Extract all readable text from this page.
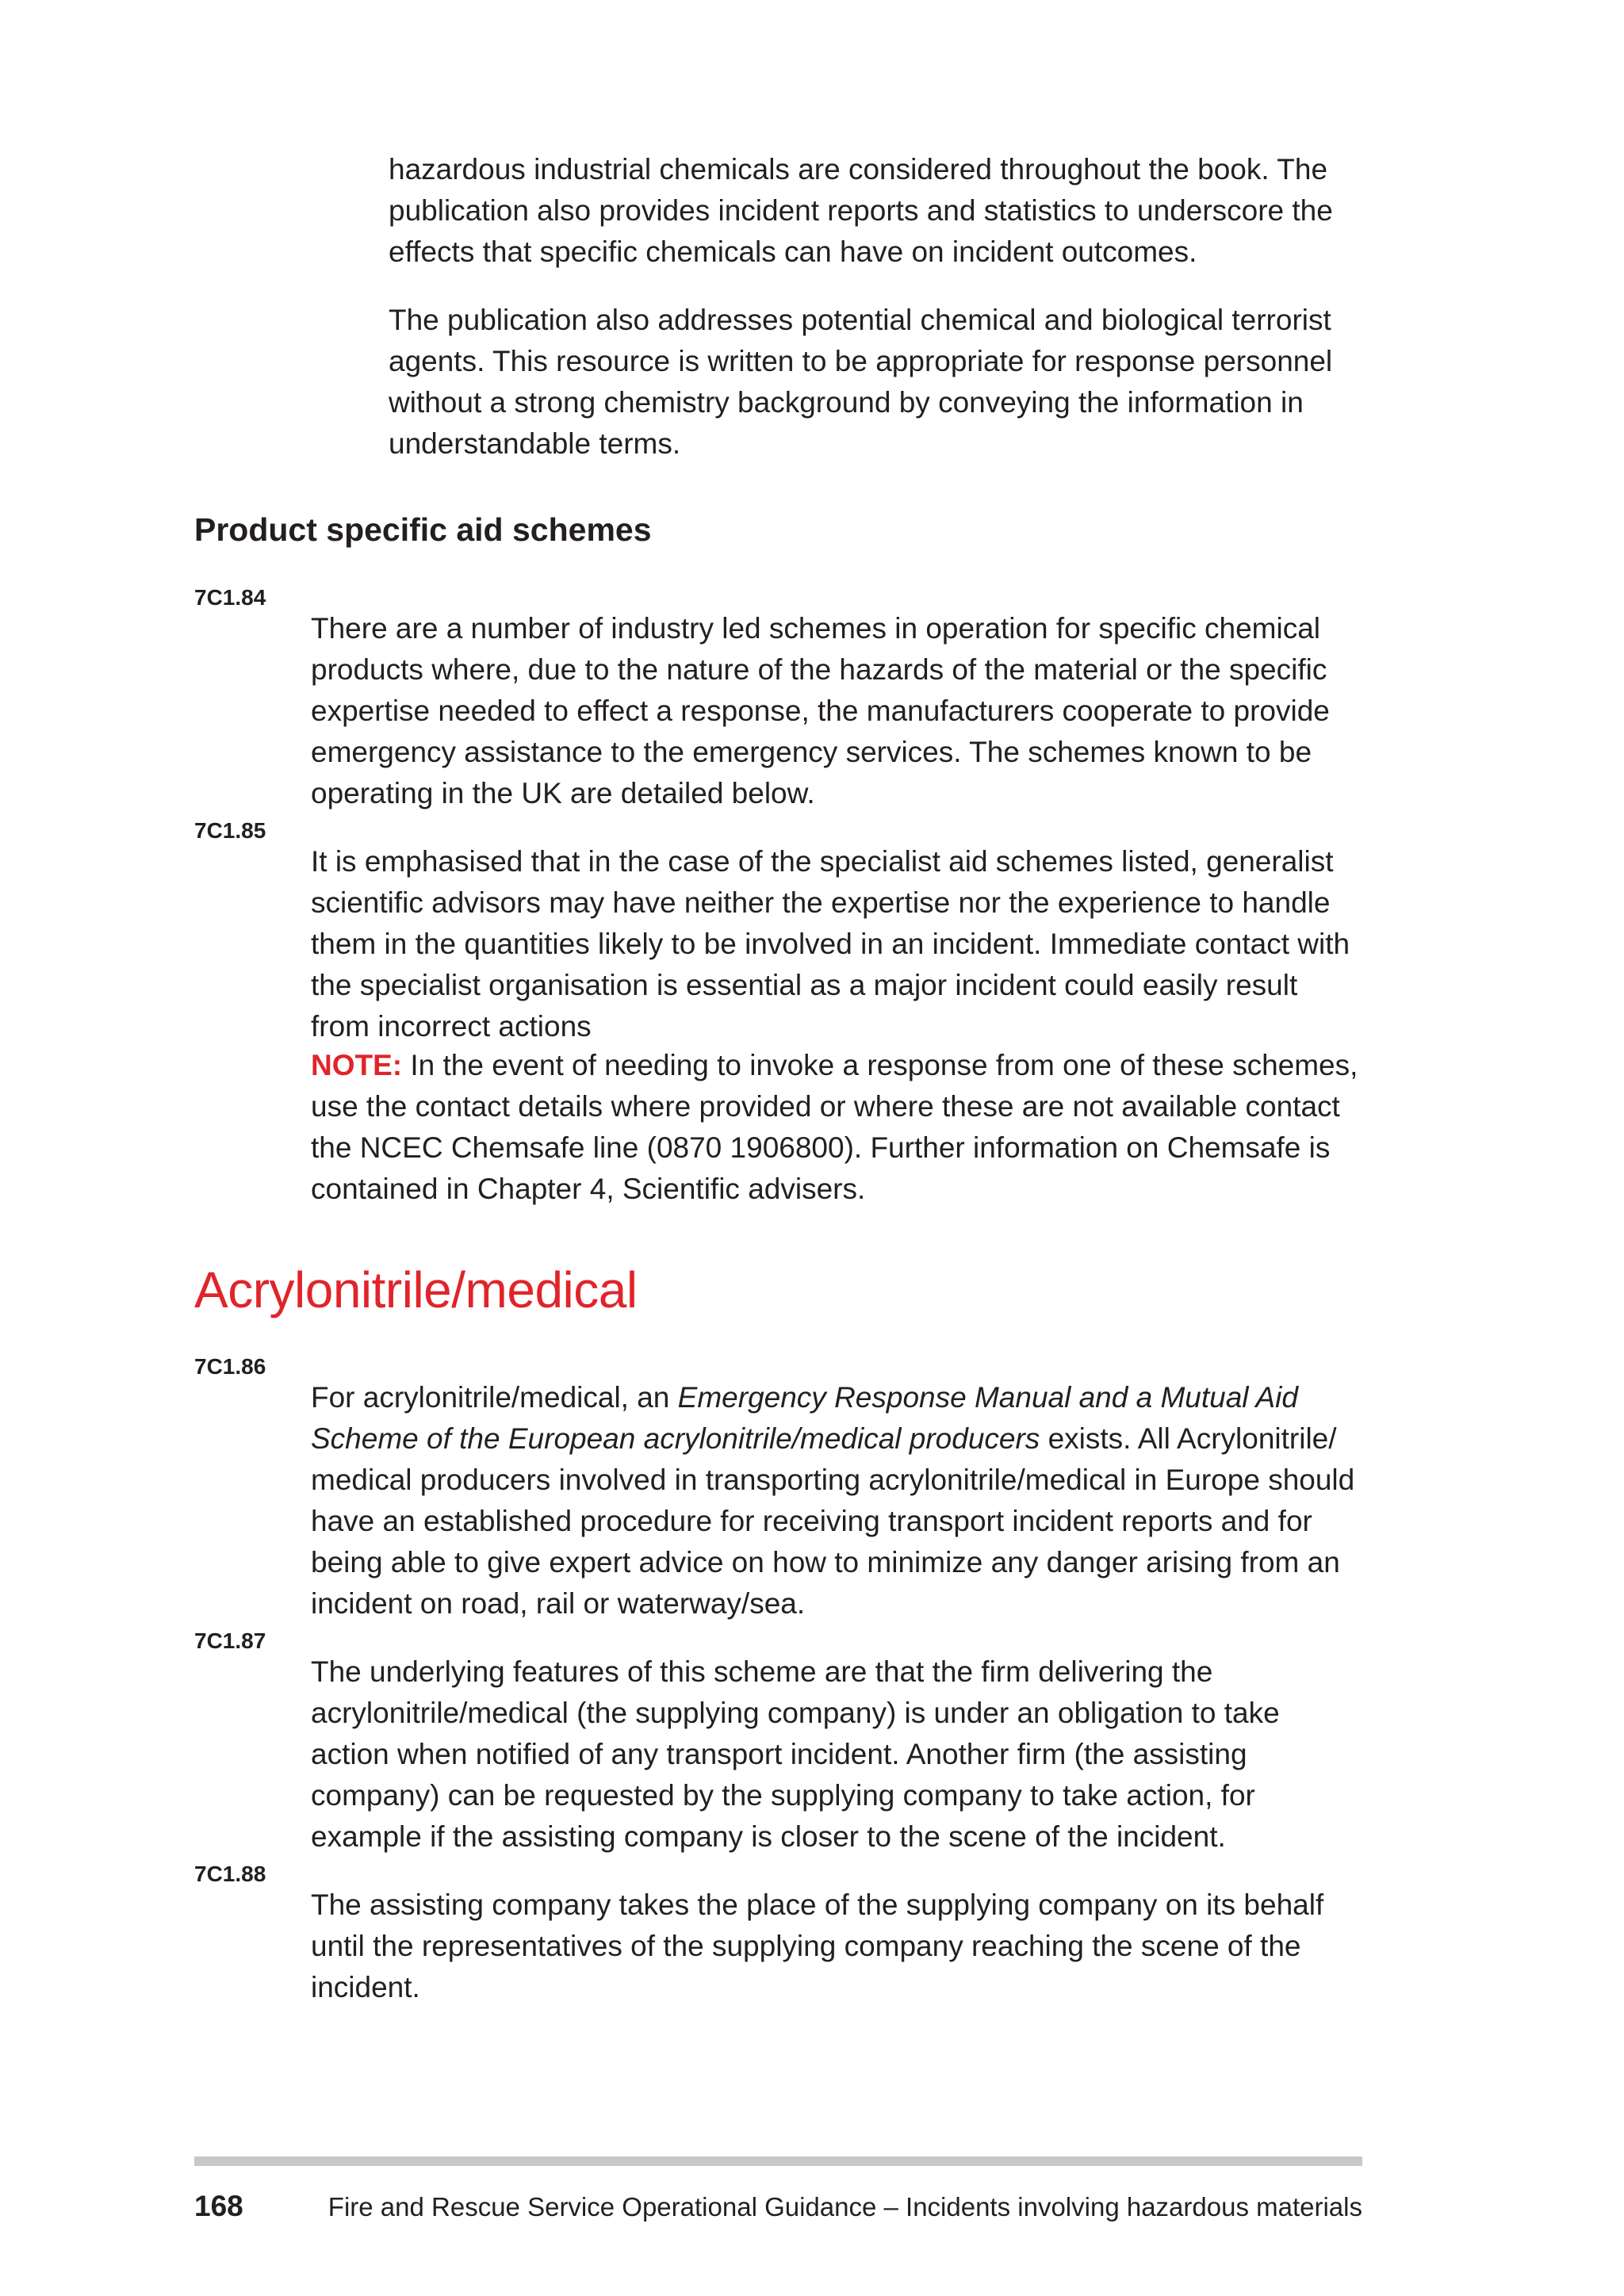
hazardous industrial chemicals are considered throughout the book. The publication also provides incident reports and statistics to underscore the effects that specific chemicals can have on incident outcomes.

The publication also addresses potential chemical and biological terrorist agents. This resource is written to be appropriate for response personnel without a strong chemistry background by conveying the information in understandable terms.

Product specific aid schemes
7C1.84

There are a number of industry led schemes in operation for specific chemical products where, due to the nature of the hazards of the material or the specific expertise needed to effect a response, the manufacturers cooperate to provide emergency assistance to the emergency services. The schemes known to be operating in the UK are detailed below.

7C1.85

It is emphasised that in the case of the specialist aid schemes listed, generalist scientific advisors may have neither the expertise nor the experience to handle them in the quantities likely to be involved in an incident. Immediate contact with the specialist organisation is essential as a major incident could easily result from incorrect actions

NOTE: In the event of needing to invoke a response from one of these schemes, use the contact details where provided or where these are not available contact the NCEC Chemsafe line (0870 1906800). Further information on Chemsafe is contained in Chapter 4, Scientific advisers.

Acrylonitrile/medical
7C1.86

For acrylonitrile/medical, an Emergency Response Manual and a Mutual Aid Scheme of the European acrylonitrile/medical producers exists. All Acrylonitrile/ medical producers involved in transporting acrylonitrile/medical in Europe should have an established procedure for receiving transport incident reports and for being able to give expert advice on how to minimize any danger arising from an incident on road, rail or waterway/sea.

7C1.87

The underlying features of this scheme are that the firm delivering the acrylonitrile/medical (the supplying company) is under an obligation to take action when notified of any transport incident. Another firm (the assisting company) can be requested by the supplying company to take action, for example if the assisting company is closer to the scene of the incident.

7C1.88

The assisting company takes the place of the supplying company on its behalf until the representatives of the supplying company reaching the scene of the incident.

168	Fire and Rescue Service Operational Guidance – Incidents involving hazardous materials
